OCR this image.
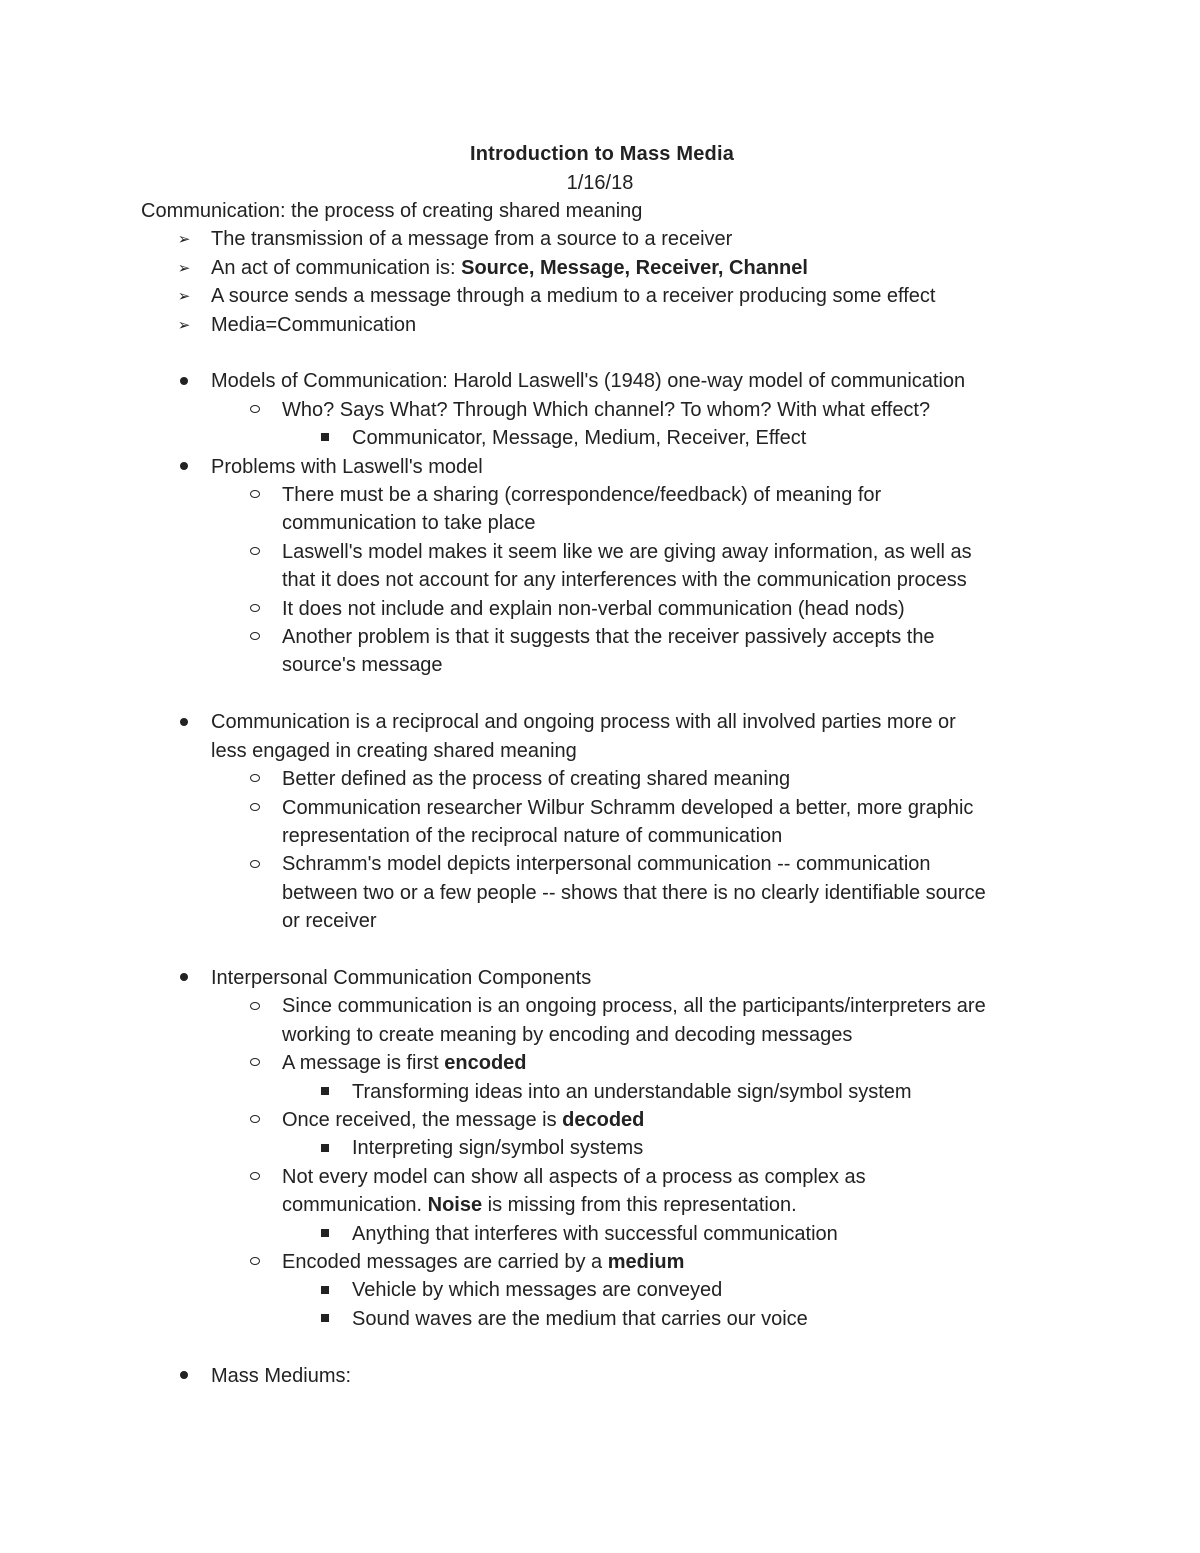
Introduction to Mass Media
1/16/18
Communication: the process of creating shared meaning
➢	The transmission of a message from a source to a receiver
➢	An act of communication is: Source, Message, Receiver, Channel
➢	A source sends a message through a medium to a receiver producing some effect
➢	Media=Communication
Models of Communication: Harold Laswell's (1948) one-way model of communication
Who? Says What? Through Which channel? To whom? With what effect?
Communicator, Message, Medium, Receiver, Effect
Problems with Laswell's model
There must be a sharing (correspondence/feedback) of meaning for
communication to take place
Laswell's model makes it seem like we are giving away information, as well as
that it does not account for any interferences with the communication process
It does not include and explain non-verbal communication (head nods)
Another problem is that it suggests that the receiver passively accepts the
source's message
Communication is a reciprocal and ongoing process with all involved parties more or
less engaged in creating shared meaning
Better defined as the process of creating shared meaning
Communication researcher Wilbur Schramm developed a better, more graphic
representation of the reciprocal nature of communication
Schramm's model depicts interpersonal communication -- communication
between two or a few people -- shows that there is no clearly identifiable source
or receiver
Interpersonal Communication Components
Since communication is an ongoing process, all the participants/interpreters are
working to create meaning by encoding and decoding messages
A message is first encoded
Transforming ideas into an understandable sign/symbol system
Once received, the message is decoded
Interpreting sign/symbol systems
Not every model can show all aspects of a process as complex as
communication. Noise is missing from this representation.
Anything that interferes with successful communication
Encoded messages are carried by a medium
Vehicle by which messages are conveyed
Sound waves are the medium that carries our voice
Mass Mediums:
